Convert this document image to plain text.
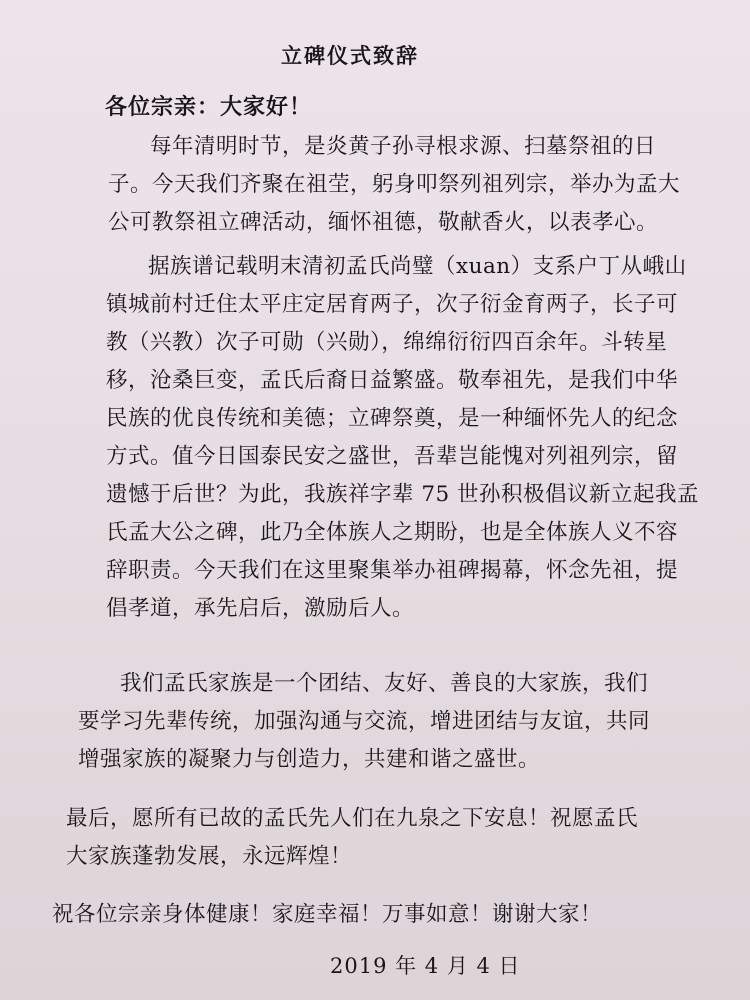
立碑仪式致辞
各位宗亲：大家好！
每年清明时节，是炎黄子孙寻根求源、扫墓祭祖的日
子。今天我们齐聚在祖茔，躬身叩祭列祖列宗，举办为孟大
公可教祭祖立碑活动，缅怀祖德，敬献香火，以表孝心。
据族谱记载明末清初孟氏尚璧（xuan）支系户丁从峨山
镇城前村迁住太平庄定居育两子，次子衍金育两子，长子可
教（兴教）次子可勋（兴勋），绵绵衍衍四百余年。斗转星
移，沧桑巨变，孟氏后裔日益繁盛。敬奉祖先，是我们中华
民族的优良传统和美德；立碑祭奠，是一种缅怀先人的纪念
方式。值今日国泰民安之盛世，吾辈岂能愧对列祖列宗，留
遗憾于后世？为此，我族祥字辈 75 世孙积极倡议新立起我孟
氏孟大公之碑，此乃全体族人之期盼，也是全体族人义不容
辞职责。今天我们在这里聚集举办祖碑揭幕，怀念先祖，提
倡孝道，承先启后，激励后人。
我们孟氏家族是一个团结、友好、善良的大家族，我们
要学习先辈传统，加强沟通与交流，增进团结与友谊，共同
增强家族的凝聚力与创造力，共建和谐之盛世。
最后，愿所有已故的孟氏先人们在九泉之下安息！祝愿孟氏
大家族蓬勃发展，永远辉煌！
祝各位宗亲身体健康！家庭幸福！万事如意！谢谢大家！
2019 年 4 月 4 日
